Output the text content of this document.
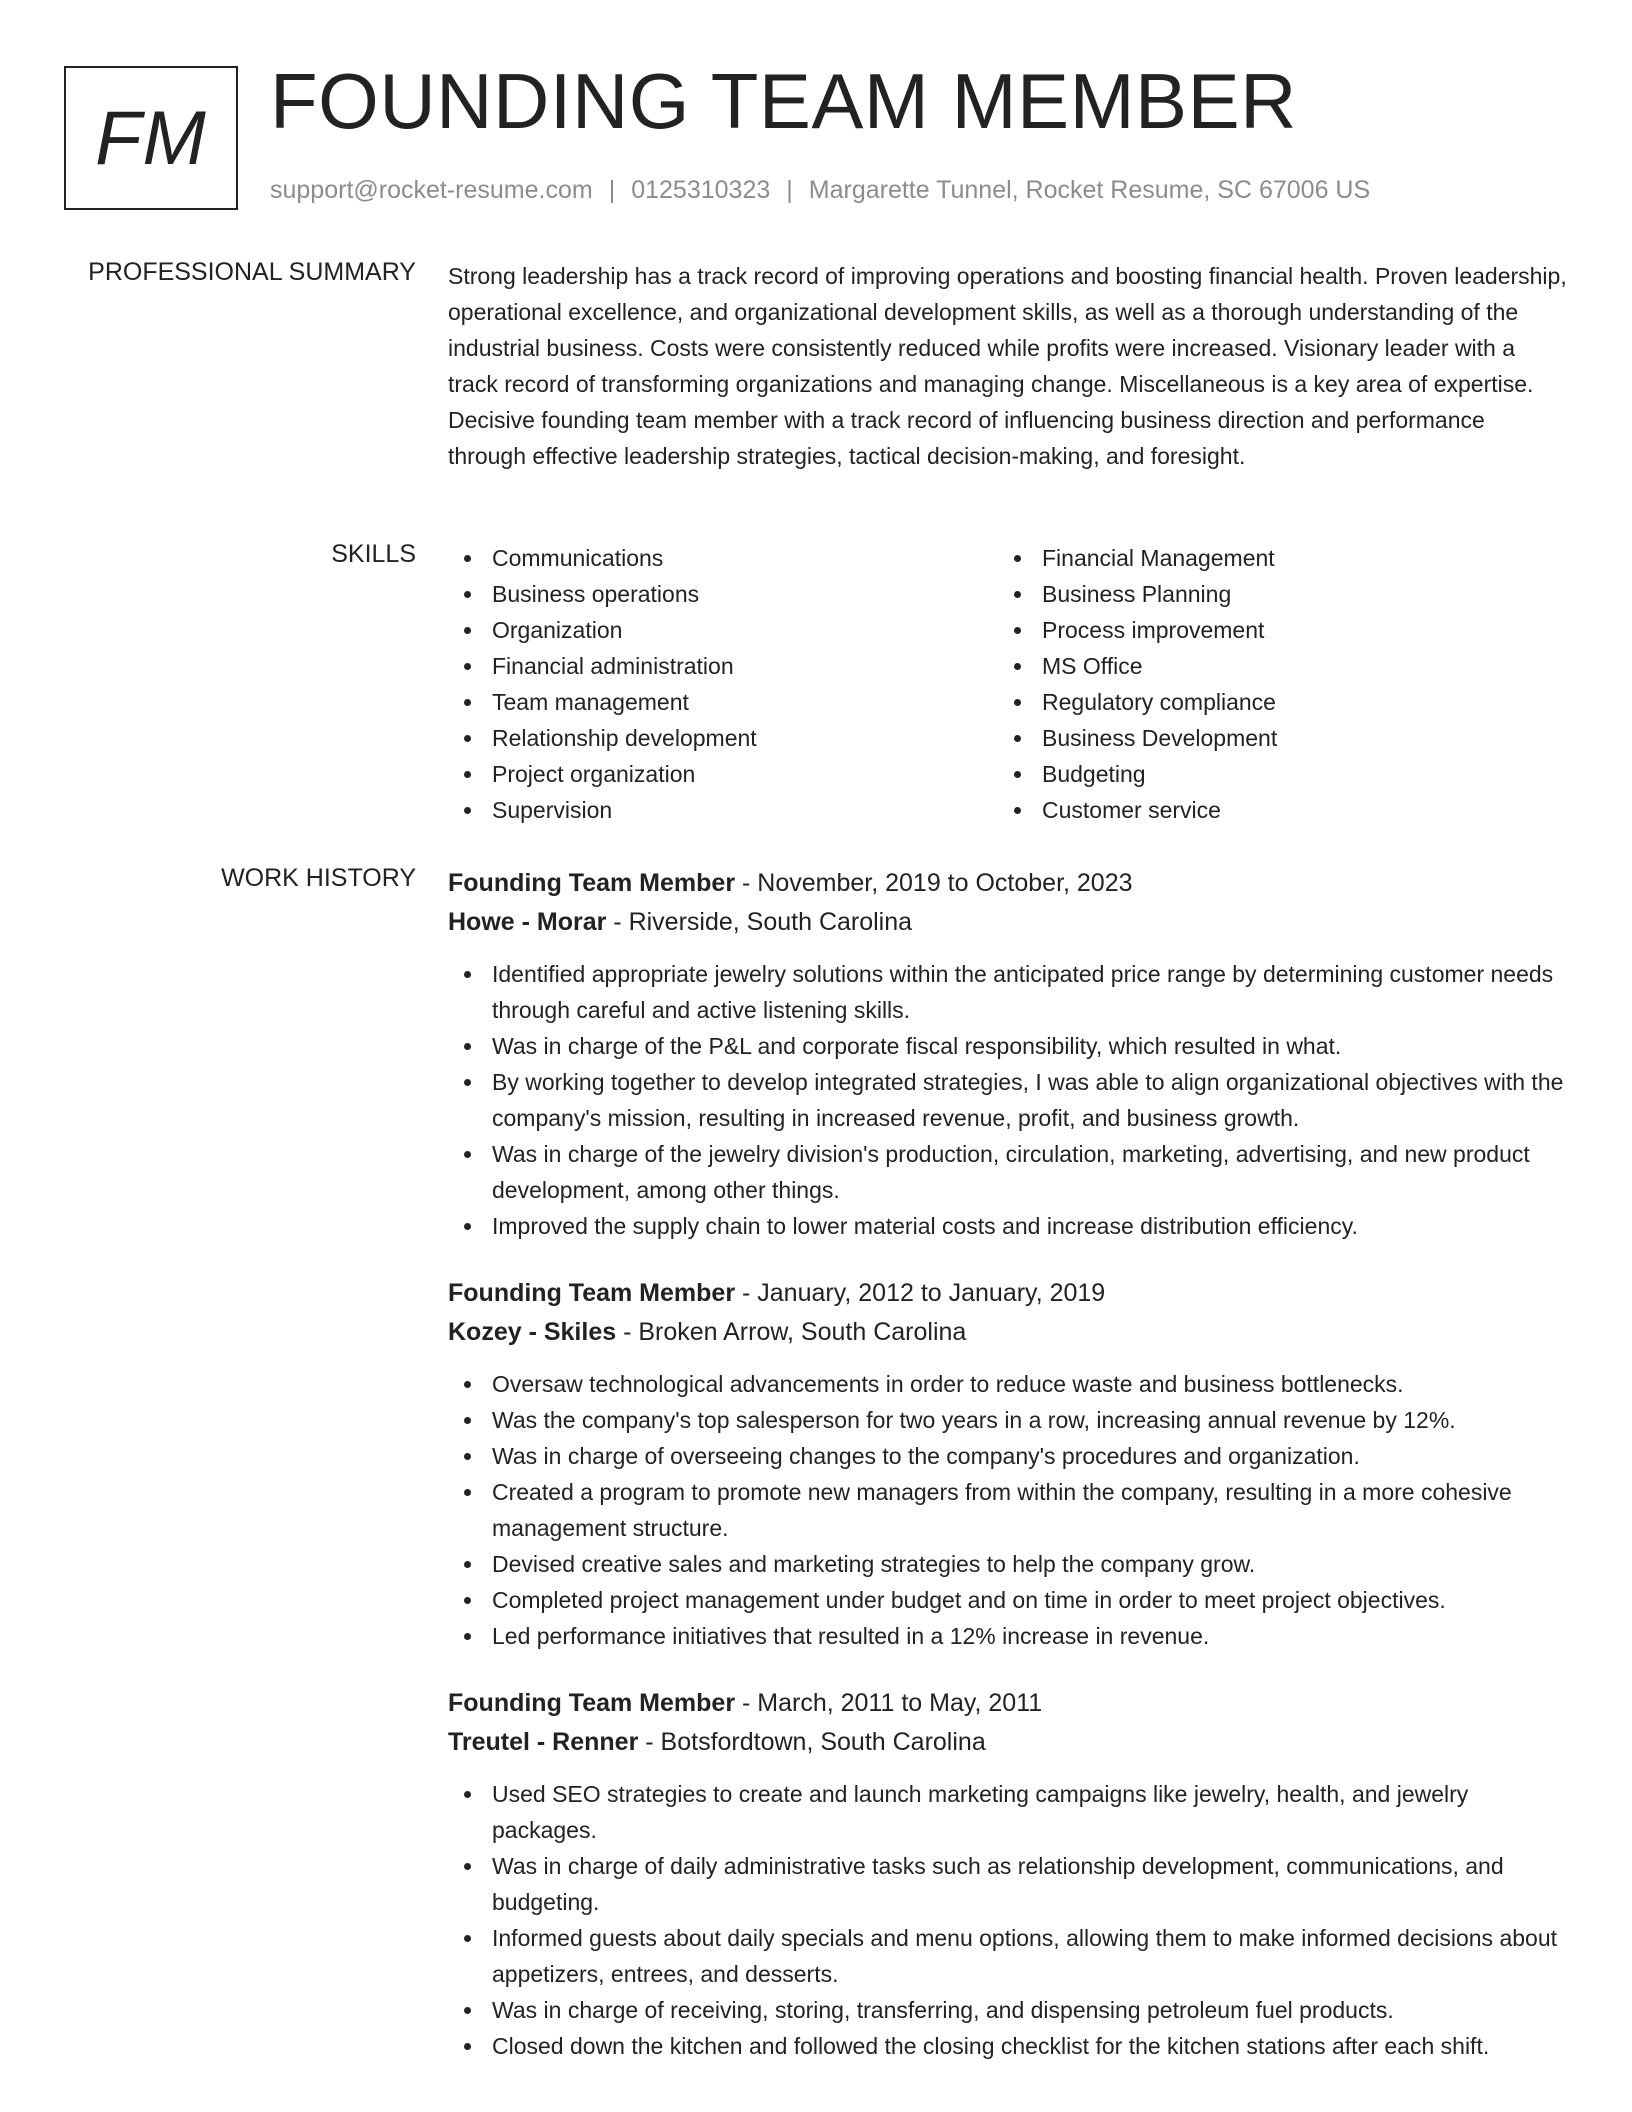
FM FOUNDING TEAM MEMBER
support@rocket-resume.com | 0125310323 | Margarette Tunnel, Rocket Resume, SC 67006 US
PROFESSIONAL SUMMARY Strong leadership has a track record of improving operations and boosting financial health. Proven leadership, operational excellence, and organizational development skills, as well as a thorough understanding of the industrial business. Costs were consistently reduced while profits were increased. Visionary leader with a track record of transforming organizations and managing change. Miscellaneous is a key area of expertise. Decisive founding team member with a track record of influencing business direction and performance through effective leadership strategies, tactical decision-making, and foresight.
SKILLS	Communications
Business operations
Organization
Financial administration
Team management
Relationship development
Project organization
Supervision
Financial Management
Business Planning
Process improvement
MS Office
Regulatory compliance
Business Development
Budgeting
Customer service
WORK HISTORY Founding Team Member - November, 2019 to October, 2023
Howe - Morar - Riverside, South Carolina
Identified appropriate jewelry solutions within the anticipated price range by determining customer needs through careful and active listening skills.
Was in charge of the P&L and corporate fiscal responsibility, which resulted in what.
By working together to develop integrated strategies, I was able to align organizational objectives with the company's mission, resulting in increased revenue, profit, and business growth.
Was in charge of the jewelry division's production, circulation, marketing, advertising, and new product development, among other things.
Improved the supply chain to lower material costs and increase distribution efficiency.
Founding Team Member - January, 2012 to January, 2019
Kozey - Skiles - Broken Arrow, South Carolina
Oversaw technological advancements in order to reduce waste and business bottlenecks.
Was the company's top salesperson for two years in a row, increasing annual revenue by 12%.
Was in charge of overseeing changes to the company's procedures and organization.
Created a program to promote new managers from within the company, resulting in a more cohesive management structure.
Devised creative sales and marketing strategies to help the company grow.
Completed project management under budget and on time in order to meet project objectives.
Led performance initiatives that resulted in a 12% increase in revenue.
Founding Team Member - March, 2011 to May, 2011
Treutel - Renner - Botsfordtown, South Carolina
Used SEO strategies to create and launch marketing campaigns like jewelry, health, and jewelry packages.
Was in charge of daily administrative tasks such as relationship development, communications, and budgeting.
Informed guests about daily specials and menu options, allowing them to make informed decisions about appetizers, entrees, and desserts.
Was in charge of receiving, storing, transferring, and dispensing petroleum fuel products.
Closed down the kitchen and followed the closing checklist for the kitchen stations after each shift.
